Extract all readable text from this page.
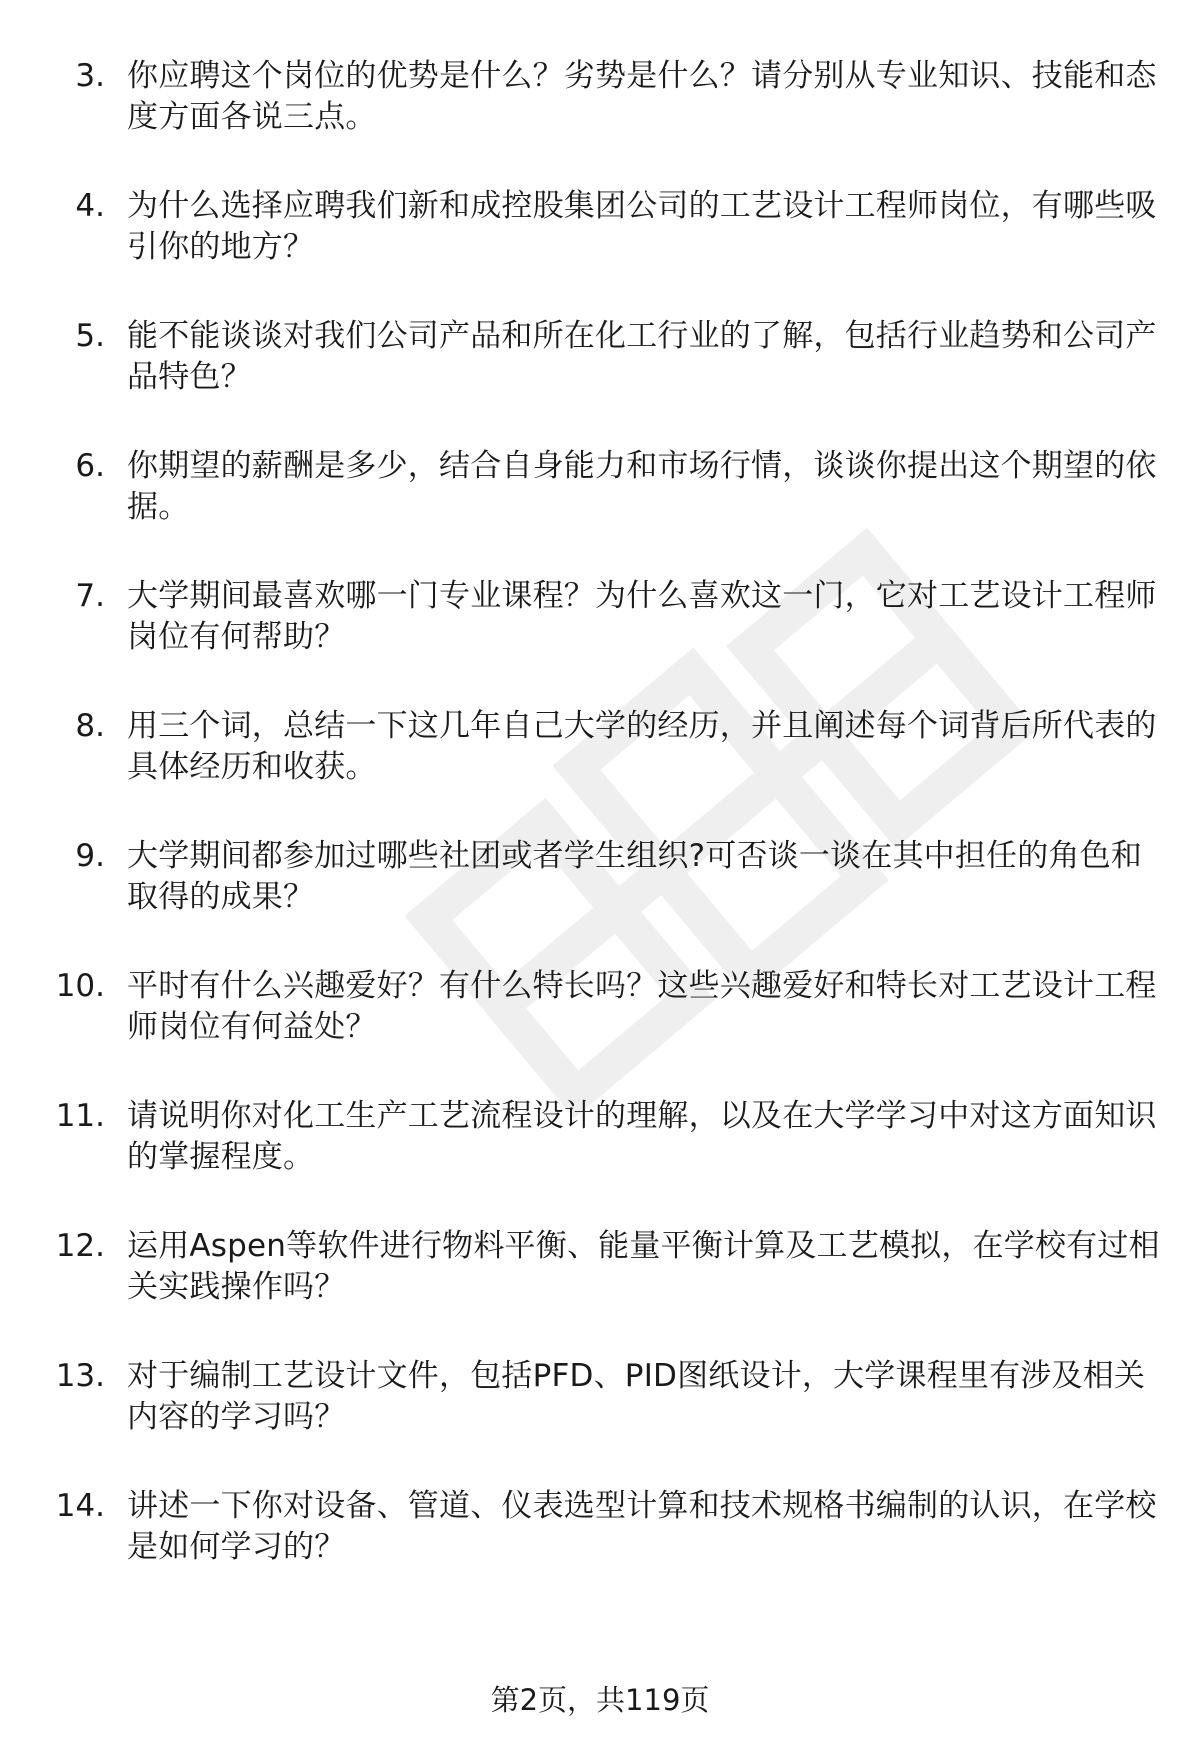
3. 你应聘这个岗位的优势是什么？劣势是什么？请分别从专业知识、技能和态度方面各说三点。
4. 为什么选择应聘我们新和成控股集团公司的工艺设计工程师岗位，有哪些吸引你的地方？
5. 能不能谈谈对我们公司产品和所在化工行业的了解，包括行业趋势和公司产品特色？
6. 你期望的薪酬是多少，结合自身能力和市场行情，谈谈你提出这个期望的依据。
7. 大学期间最喜欢哪一门专业课程？为什么喜欢这一门，它对工艺设计工程师岗位有何帮助？
8. 用三个词，总结一下这几年自己大学的经历，并且阐述每个词背后所代表的具体经历和收获。
9. 大学期间都参加过哪些社团或者学生组织?可否谈一谈在其中担任的角色和取得的成果？
10. 平时有什么兴趣爱好？有什么特长吗？这些兴趣爱好和特长对工艺设计工程师岗位有何益处？
11. 请说明你对化工生产工艺流程设计的理解，以及在大学学习中对这方面知识的掌握程度。
12. 运用Aspen等软件进行物料平衡、能量平衡计算及工艺模拟，在学校有过相关实践操作吗？
13. 对于编制工艺设计文件，包括PFD、PID图纸设计，大学课程里有涉及相关内容的学习吗？
14. 讲述一下你对设备、管道、仪表选型计算和技术规格书编制的认识，在学校是如何学习的？
第2页，共119页
